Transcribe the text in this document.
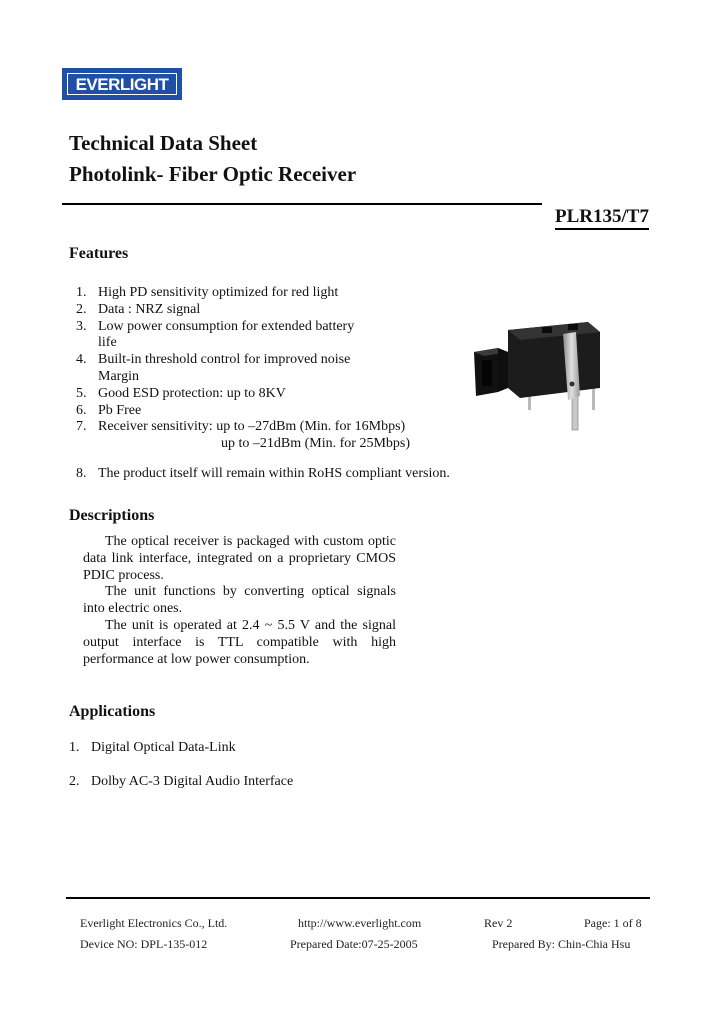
EVERLIGHT
Technical Data Sheet
Photolink- Fiber Optic Receiver
PLR135/T7
Features
1. High PD sensitivity optimized for red light
2. Data : NRZ signal
3. Low power consumption for extended battery
life
4. Built-in threshold control for improved noise
Margin
5. Good ESD protection: up to 8KV
6. Pb Free
7. Receiver sensitivity: up to –27dBm (Min. for 16Mbps)
up to –21dBm (Min. for 25Mbps)
8. The product itself will remain within RoHS compliant version.
Descriptions

The optical receiver is packaged with custom optic data link interface, integrated on a proprietary CMOS PDIC process.

The unit functions by converting optical signals into electric ones.

The unit is operated at 2.4 ~ 5.5 V and the signal output interface is TTL compatible with high performance at low power consumption.

Applications
1. Digital Optical Data-Link
2. Dolby AC-3 Digital Audio Interface
Everlight Electronics Co., Ltd.	http://www.everlight.com	Rev 2	Page: 1 of 8
Device NO: DPL-135-012	Prepared Date:07-25-2005	Prepared By: Chin-Chia Hsu
